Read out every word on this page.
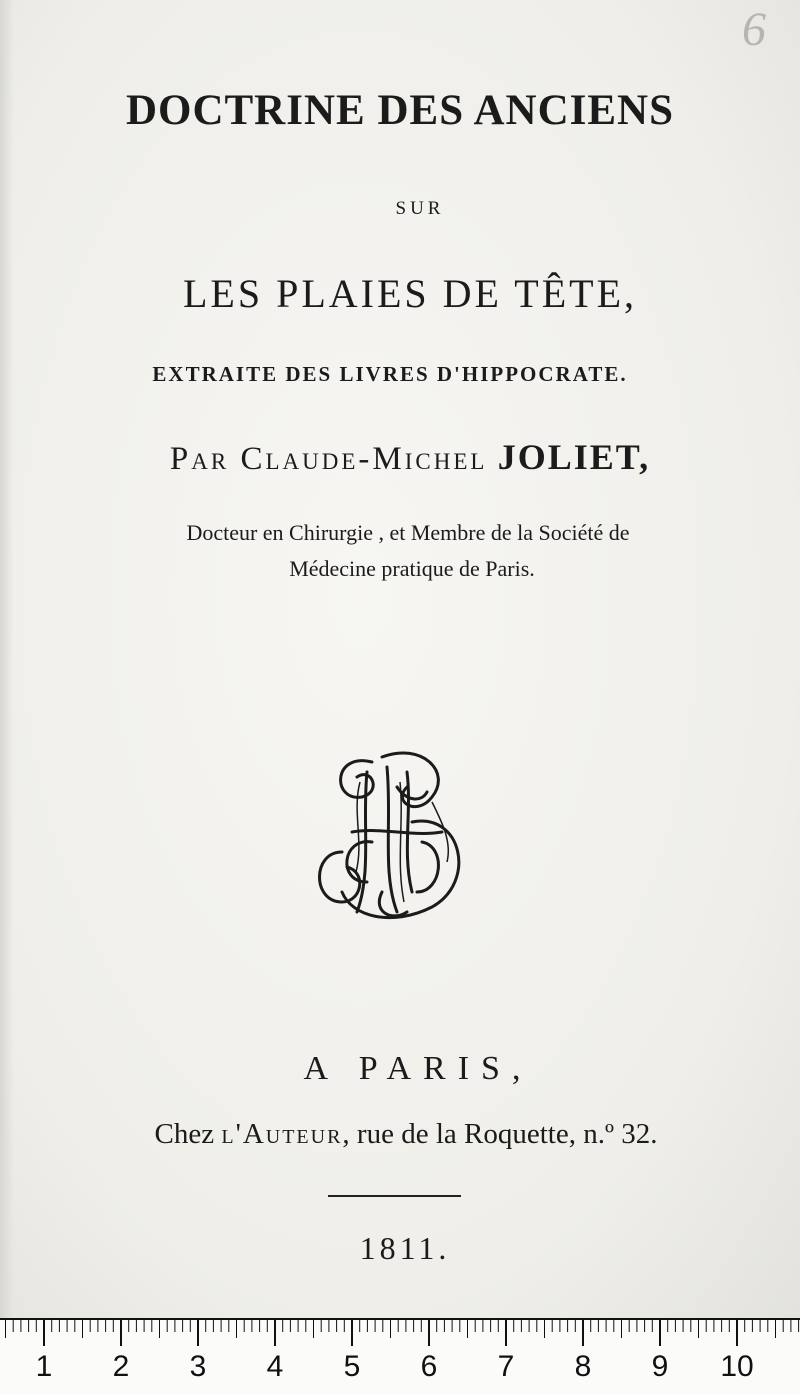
6
DOCTRINE DES ANCIENS
SUR
LES PLAIES DE TÊTE,
EXTRAITE DES LIVRES D'HIPPOCRATE.
Par Claude-Michel JOLIET,
Docteur en Chirurgie , et Membre de la Société de
Médecine pratique de Paris.
A PARIS,
Chez l'Auteur, rue de la Roquette, n.º 32.
1811.
1 2 3 4 5 6 7 8 9 10
